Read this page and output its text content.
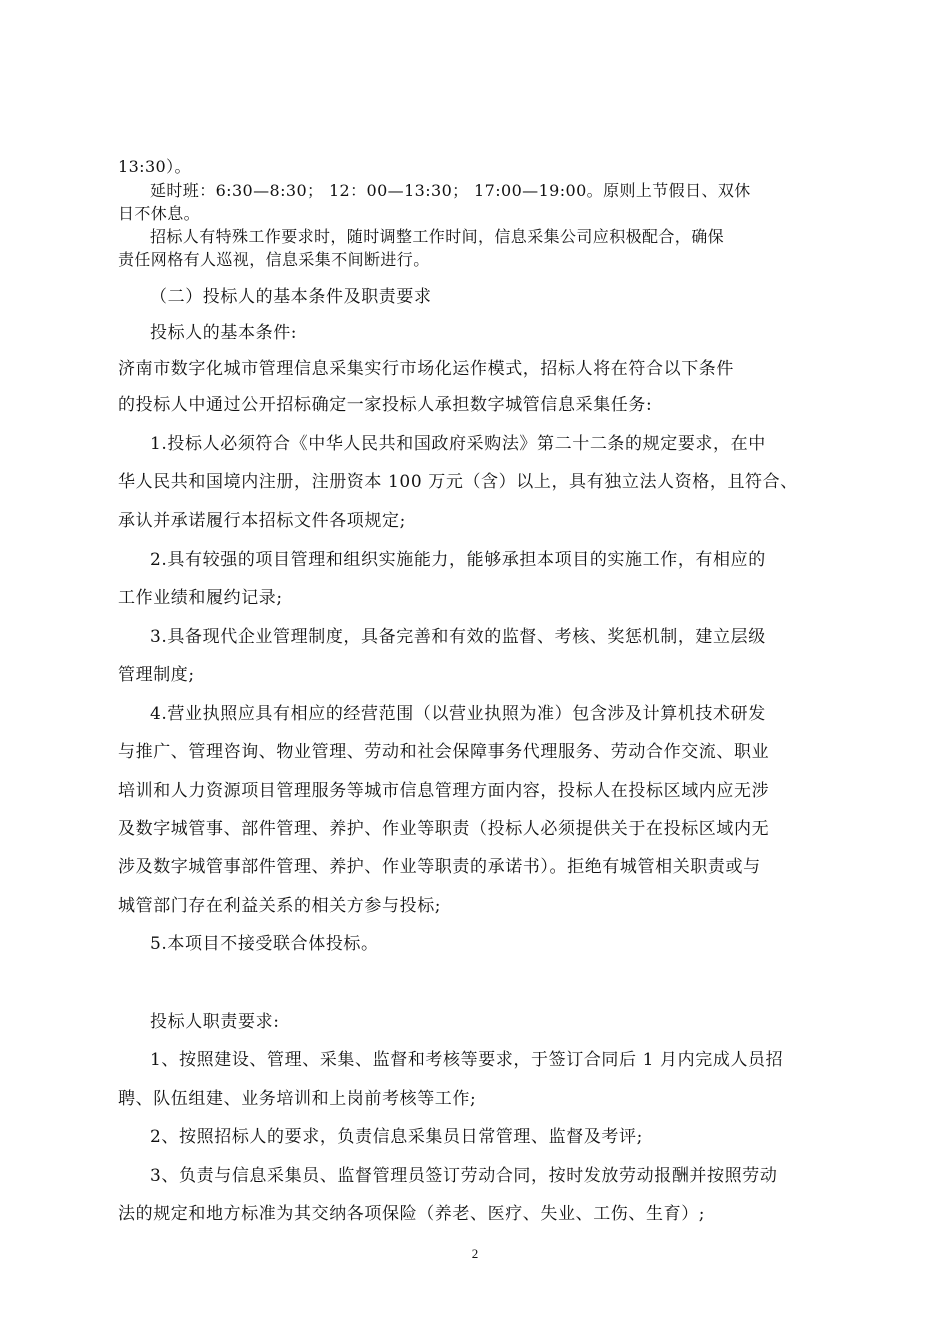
13:30）。
延时班：6:30—8:30； 12：00—13:30； 17:00—19:00。原则上节假日、双休
日不休息。
招标人有特殊工作要求时，随时调整工作时间，信息采集公司应积极配合，确保
责任网格有人巡视，信息采集不间断进行。
（二）投标人的基本条件及职责要求
投标人的基本条件:
济南市数字化城市管理信息采集实行市场化运作模式，招标人将在符合以下条件
的投标人中通过公开招标确定一家投标人承担数字城管信息采集任务:
1.投标人必须符合《中华人民共和国政府采购法》第二十二条的规定要求，在中
华人民共和国境内注册，注册资本 100 万元（含）以上，具有独立法人资格，且符合、
承认并承诺履行本招标文件各项规定;
2.具有较强的项目管理和组织实施能力，能够承担本项目的实施工作，有相应的
工作业绩和履约记录;
3.具备现代企业管理制度，具备完善和有效的监督、考核、奖惩机制，建立层级
管理制度;
4.营业执照应具有相应的经营范围（以营业执照为准）包含涉及计算机技术研发
与推广、管理咨询、物业管理、劳动和社会保障事务代理服务、劳动合作交流、职业
培训和人力资源项目管理服务等城市信息管理方面内容，投标人在投标区域内应无涉
及数字城管事、部件管理、养护、作业等职责（投标人必须提供关于在投标区域内无
涉及数字城管事部件管理、养护、作业等职责的承诺书）。拒绝有城管相关职责或与
城管部门存在利益关系的相关方参与投标;
5.本项目不接受联合体投标。
投标人职责要求:
1、按照建设、管理、采集、监督和考核等要求，于签订合同后 1 月内完成人员招
聘、队伍组建、业务培训和上岗前考核等工作;
2、按照招标人的要求，负责信息采集员日常管理、监督及考评;
3、负责与信息采集员、监督管理员签订劳动合同，按时发放劳动报酬并按照劳动
法的规定和地方标准为其交纳各项保险（养老、医疗、失业、工伤、生育）;
2
